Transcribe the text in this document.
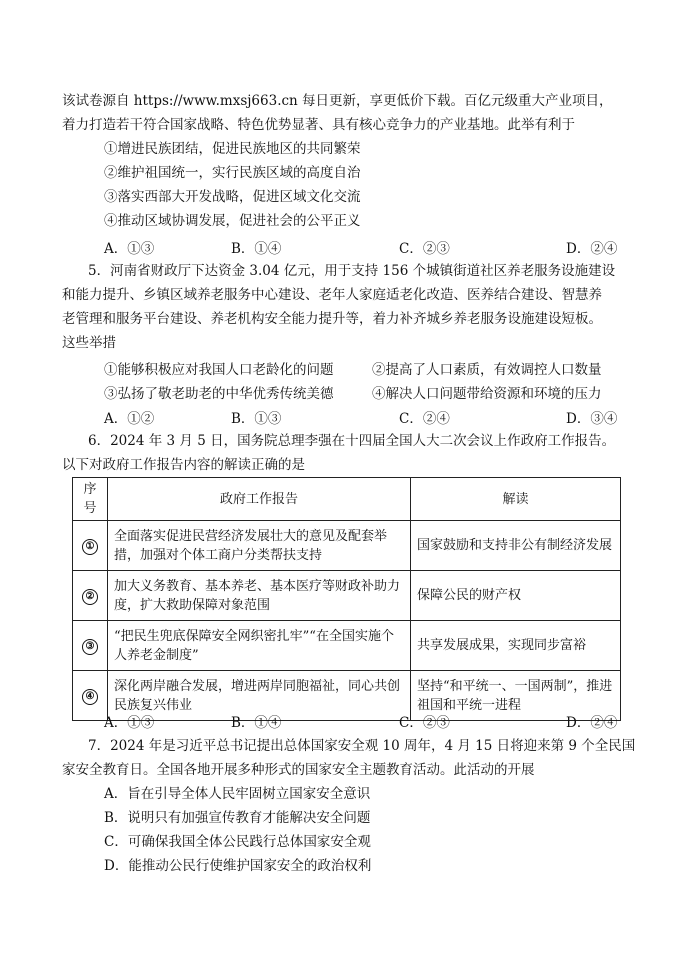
该试卷源自 https://www.mxsj663.cn 每日更新，享更低价下载。百亿元级重大产业项目，
着力打造若干符合国家战略、特色优势显著、具有核心竞争力的产业基地。此举有利于
①增进民族团结，促进民族地区的共同繁荣
②维护祖国统一，实行民族区域的高度自治
③落实西部大开发战略，促进区域文化交流
④推动区域协调发展，促进社会的公平正义
A．①③	B．①④	C．②③	D．②④
5．河南省财政厅下达资金 3.04 亿元，用于支持 156 个城镇街道社区养老服务设施建设
和能力提升、乡镇区域养老服务中心建设、老年人家庭适老化改造、医养结合建设、智慧养
老管理和服务平台建设、养老机构安全能力提升等，着力补齐城乡养老服务设施建设短板。
这些举措
①能够积极应对我国人口老龄化的问题	②提高了人口素质，有效调控人口数量
③弘扬了敬老助老的中华优秀传统美德	④解决人口问题带给资源和环境的压力
A．①②	B．①③	C．②④	D．③④
6．2024 年 3 月 5 日，国务院总理李强在十四届全国人大二次会议上作政府工作报告。
以下对政府工作报告内容的解读正确的是
序号	政府工作报告	解读
①	全面落实促进民营经济发展壮大的意见及配套举措，加强对个体工商户分类帮扶支持	国家鼓励和支持非公有制经济发展
②	加大义务教育、基本养老、基本医疗等财政补助力度，扩大救助保障对象范围	保障公民的财产权
③	“把民生兜底保障安全网织密扎牢”“在全国实施个人养老金制度”	共享发展成果，实现同步富裕
④	深化两岸融合发展，增进两岸同胞福祉，同心共创民族复兴伟业	坚持“和平统一、一国两制”，推进祖国和平统一进程
A．①③	B．①④	C．②③	D．②④
7．2024 年是习近平总书记提出总体国家安全观 10 周年，4 月 15 日将迎来第 9 个全民国
家安全教育日。全国各地开展多种形式的国家安全主题教育活动。此活动的开展
A．旨在引导全体人民牢固树立国家安全意识
B．说明只有加强宣传教育才能解决安全问题
C．可确保我国全体公民践行总体国家安全观
D．能推动公民行使维护国家安全的政治权利
